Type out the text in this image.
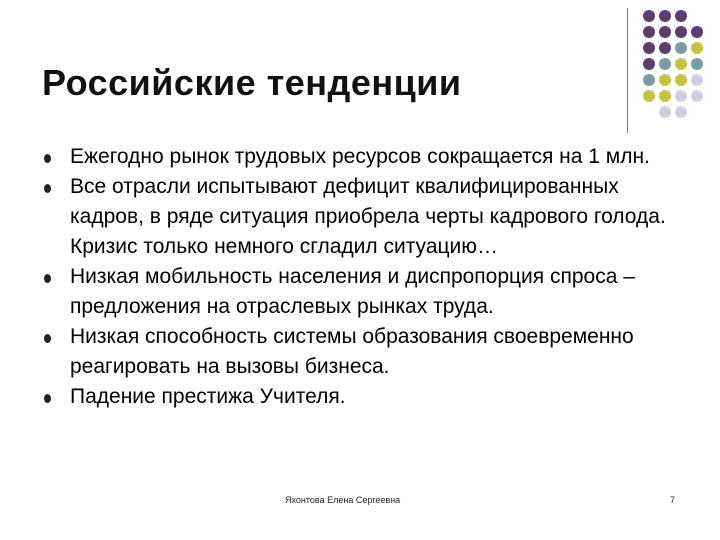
Российские тенденции
Ежегодно рынок трудовых ресурсов сокращается на 1 млн.
Все отрасли испытывают дефицит квалифицированных кадров, в ряде ситуация приобрела черты кадрового голода. Кризис только немного сгладил ситуацию…
Низкая мобильность населения и диспропорция спроса – предложения на отраслевых рынках труда.
Низкая способность системы образования своевременно реагировать на вызовы бизнеса.
Падение престижа Учителя.
Яхонтова Елена Сергеевна	7
